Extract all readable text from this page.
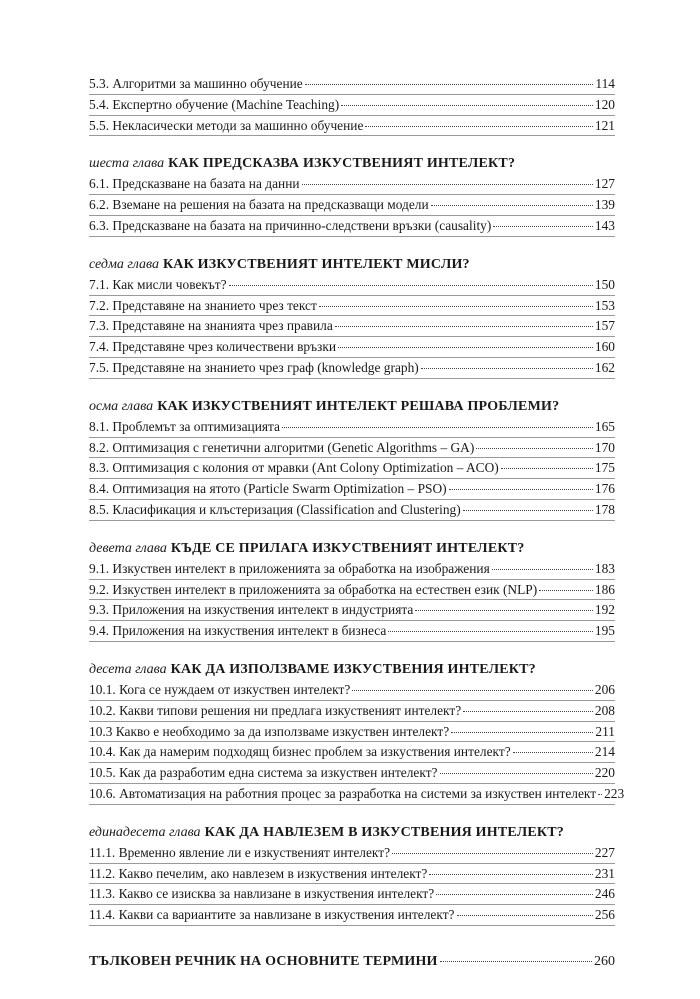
5.3. Алгоритми за машинно обучение	114
5.4. Експертно обучение (Machine Teaching)	120
5.5. Некласически методи за машинно обучение	121
шеста глава КАК ПРЕДСКАЗВА ИЗКУСТВЕНИЯТ ИНТЕЛЕКТ?
6.1. Предсказване на базата на данни	127
6.2. Вземане на решения на базата на предсказващи модели	139
6.3. Предсказване на базата на причинно-следствени връзки (causality)	143
седма глава КАК ИЗКУСТВЕНИЯТ ИНТЕЛЕКТ МИСЛИ?
7.1. Как мисли човекът?	150
7.2. Представяне на знанието чрез текст	153
7.3. Представяне на знанията чрез правила	157
7.4. Представяне чрез количествени връзки	160
7.5. Представяне на знанието чрез граф (knowledge graph)	162
осма глава КАК ИЗКУСТВЕНИЯТ ИНТЕЛЕКТ РЕШАВА ПРОБЛЕМИ?
8.1. Проблемът за оптимизацията	165
8.2. Оптимизация с генетични алгоритми (Genetic Algorithms – GA)	170
8.3. Оптимизация с колония от мравки (Ant Colony Optimization – ACO)	175
8.4. Оптимизация на ятото (Particle Swarm Optimization – PSO)	176
8.5. Класификация и клъстеризация (Classification and Clustering)	178
девета глава КЪДЕ СЕ ПРИЛАГА ИЗКУСТВЕНИЯТ ИНТЕЛЕКТ?
9.1. Изкуствен интелект в приложенията за обработка на изображения	183
9.2. Изкуствен интелект в приложенията за обработка на естествен език (NLP)	186
9.3. Приложения на изкуствения интелект в индустрията	192
9.4. Приложения на изкуствения интелект в бизнеса	195
десета глава КАК ДА ИЗПОЛЗВАМЕ ИЗКУСТВЕНИЯ ИНТЕЛЕКТ?
10.1. Кога се нуждаем от изкуствен интелект?	206
10.2. Какви типови решения ни предлага изкуственият интелект?	208
10.3 Какво е необходимо за да използваме изкуствен интелект?	211
10.4. Как да намерим подходящ бизнес проблем за изкуствения интелект?	214
10.5. Как да разработим една система за изкуствен интелект?	220
10.6. Автоматизация на работния процес за разработка на системи за изкуствен интелект 223
единадесета глава КАК ДА НАВЛЕЗЕМ В ИЗКУСТВЕНИЯ ИНТЕЛЕКТ?
11.1. Временно явление ли е изкуственият интелект?	227
11.2. Какво печелим, ако навлезем в изкуствения интелект?	231
11.3. Какво се изисква за навлизане в изкуствения интелект?	246
11.4. Какви са вариантите за навлизане в изкуствения интелект?	256
ТЪЛКОВЕН РЕЧНИК НА ОСНОВНИТЕ ТЕРМИНИ	260
